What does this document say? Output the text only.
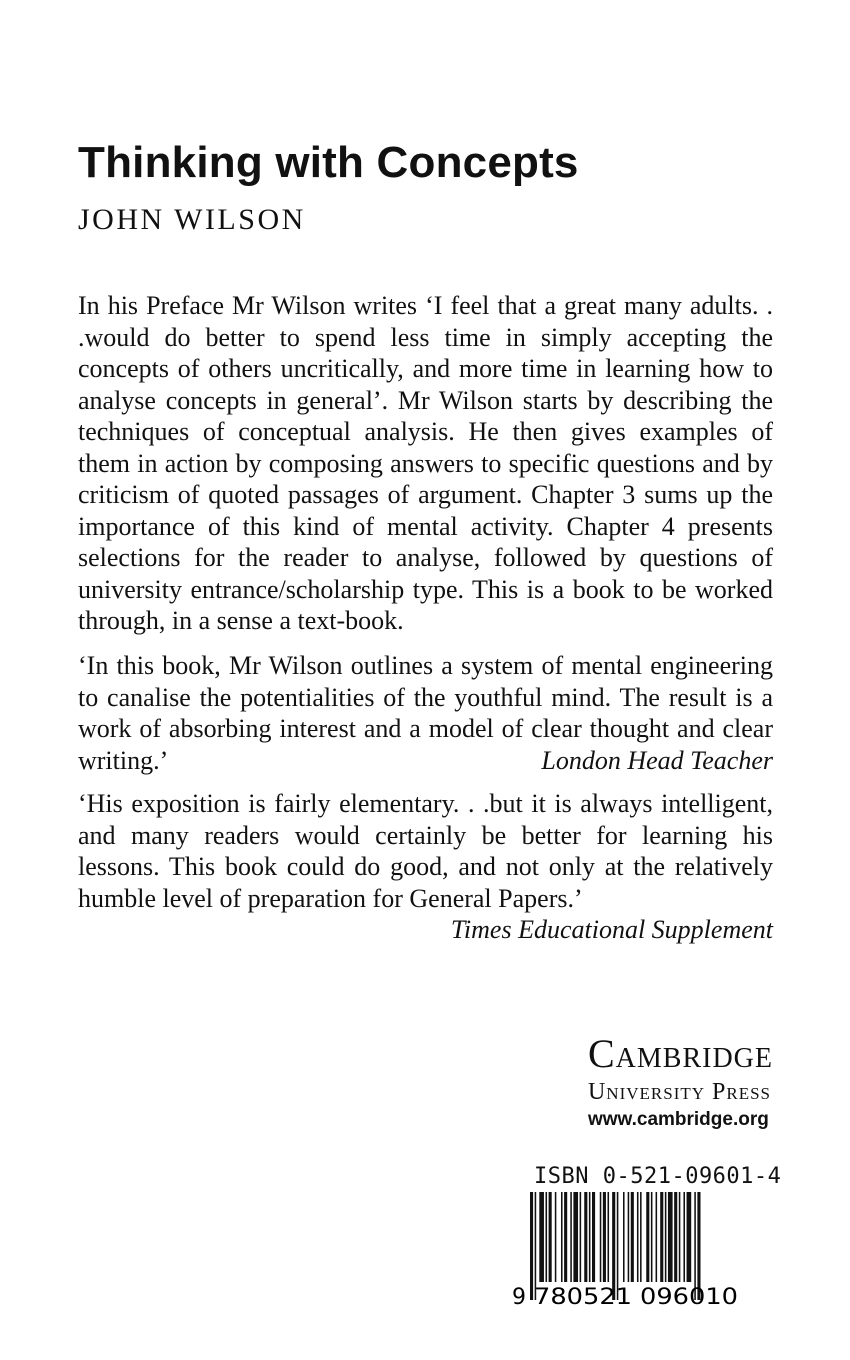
Thinking with Concepts
JOHN WILSON

In his Preface Mr Wilson writes ‘I feel that a great many adults. . .would do better to spend less time in simply accepting the concepts of others uncritically, and more time in learning how to analyse concepts in general’. Mr Wilson starts by describing the techniques of conceptual analysis. He then gives examples of them in action by composing answers to specific questions and by criticism of quoted passages of argument. Chapter 3 sums up the importance of this kind of mental activity. Chapter 4 presents selections for the reader to analyse, followed by questions of university entrance/scholarship type. This is a book to be worked through, in a sense a text-book.

‘In this book, Mr Wilson outlines a system of mental engineering to canalise the potentialities of the youthful mind. The result is a work of absorbing interest and a model of clear thought and clear writing.’	London Head Teacher
‘His exposition is fairly elementary. . .but it is always intelligent, and many readers would certainly be better for learning his lessons. This book could do good, and not only at the relatively humble level of preparation for General Papers.’
Times Educational Supplement
Cambridge
University Press
www.cambridge.org
ISBN 0-521-09601-4
9 780521 096010
